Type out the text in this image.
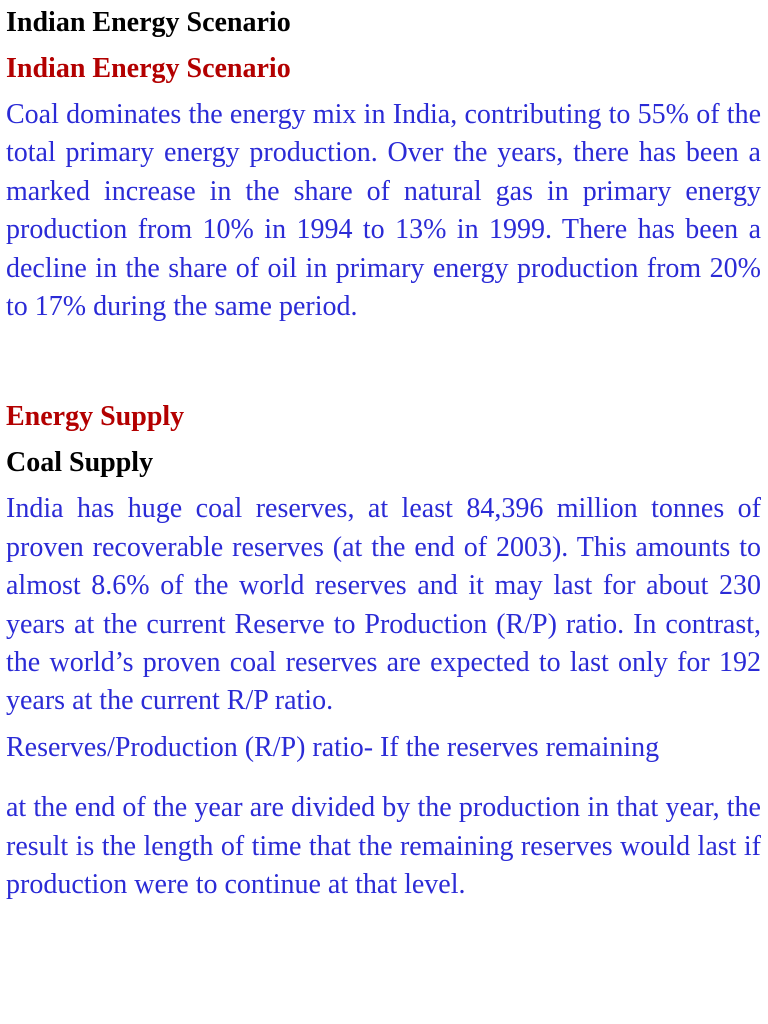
Indian Energy Scenario
Indian Energy Scenario

Coal dominates the energy mix in India, contributing to 55% of the total primary energy production. Over the years, there has been a marked increase in the share of natural gas in primary energy production from 10% in 1994 to 13% in 1999. There has been a decline in the share of oil in primary energy production from 20% to 17% during the same period.

Energy Supply
Coal Supply

India has huge coal reserves, at least 84,396 million tonnes of proven recoverable reserves (at the end of 2003). This amounts to almost 8.6% of the world reserves and it may last for about 230 years at the current Reserve to Production (R/P) ratio. In contrast, the world’s proven coal reserves are expected to last only for 192 years at the current R/P ratio.

Reserves/Production (R/P) ratio- If the reserves remaining

at the end of the year are divided by the production in that year, the result is the length of time that the remaining reserves would last if production were to continue at that level.
